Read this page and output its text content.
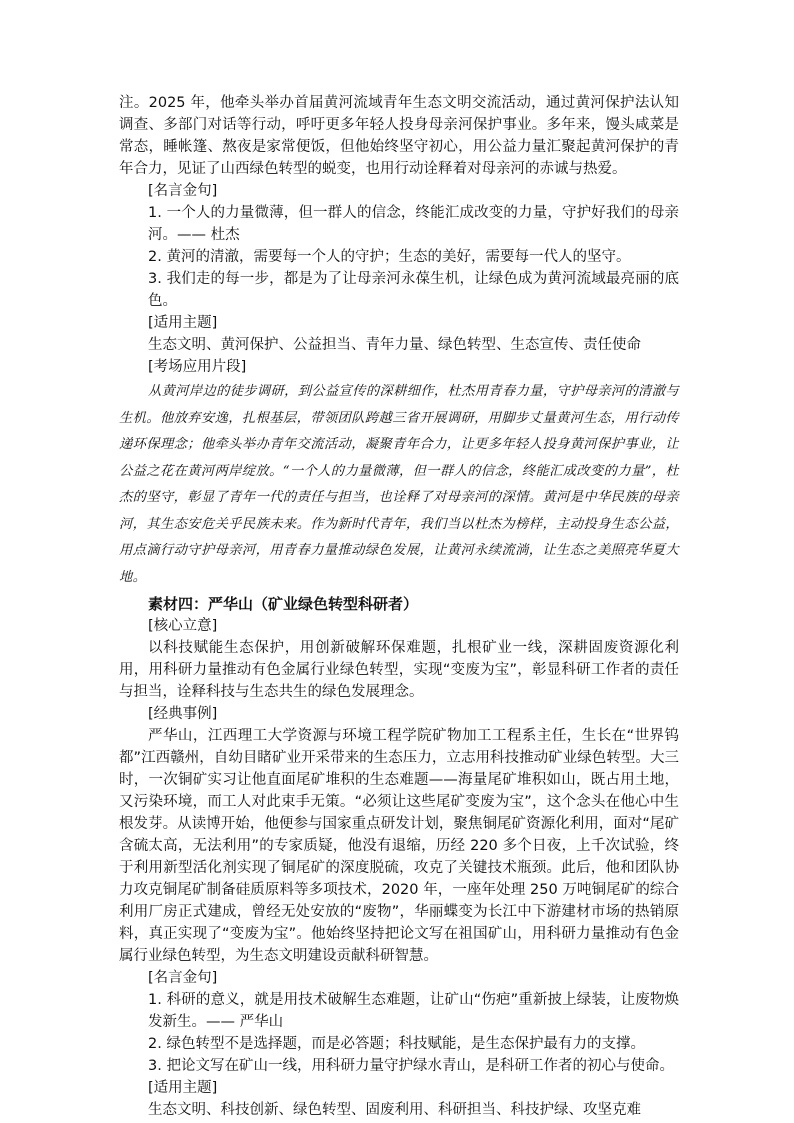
注。2025 年，他牵头举办首届黄河流域青年生态文明交流活动，通过黄河保护法认知调查、多部门对话等行动，呼吁更多年轻人投身母亲河保护事业。多年来，馒头咸菜是常态，睡帐篷、熬夜是家常便饭，但他始终坚守初心，用公益力量汇聚起黄河保护的青年合力，见证了山西绿色转型的蜕变，也用行动诠释着对母亲河的赤诚与热爱。

[名言金句]

1. 一个人的力量微薄，但一群人的信念，终能汇成改变的力量，守护好我们的母亲河。—— 杜杰

2. 黄河的清澈，需要每一个人的守护；生态的美好，需要每一代人的坚守。

3. 我们走的每一步，都是为了让母亲河永葆生机，让绿色成为黄河流域最亮丽的底色。

[适用主题]

生态文明、黄河保护、公益担当、青年力量、绿色转型、生态宣传、责任使命

[考场应用片段]

从黄河岸边的徒步调研，到公益宣传的深耕细作，杜杰用青春力量，守护母亲河的清澈与生机。他放弃安逸，扎根基层，带领团队跨越三省开展调研，用脚步丈量黄河生态，用行动传递环保理念；他牵头举办青年交流活动，凝聚青年合力，让更多年轻人投身黄河保护事业，让公益之花在黄河两岸绽放。“一个人的力量微薄，但一群人的信念，终能汇成改变的力量”，杜杰的坚守，彰显了青年一代的责任与担当，也诠释了对母亲河的深情。黄河是中华民族的母亲河，其生态安危关乎民族未来。作为新时代青年，我们当以杜杰为榜样，主动投身生态公益，用点滴行动守护母亲河，用青春力量推动绿色发展，让黄河永续流淌，让生态之美照亮华夏大地。

素材四：严华山（矿业绿色转型科研者）

[核心立意]

以科技赋能生态保护，用创新破解环保难题，扎根矿业一线，深耕固废资源化利用，用科研力量推动有色金属行业绿色转型，实现“变废为宝”，彰显科研工作者的责任与担当，诠释科技与生态共生的绿色发展理念。

[经典事例]

严华山，江西理工大学资源与环境工程学院矿物加工工程系主任，生长在“世界钨都”江西赣州，自幼目睹矿业开采带来的生态压力，立志用科技推动矿业绿色转型。大三时，一次铜矿实习让他直面尾矿堆积的生态难题——海量尾矿堆积如山，既占用土地，又污染环境，而工人对此束手无策。“必须让这些尾矿变废为宝”，这个念头在他心中生根发芽。从读博开始，他便参与国家重点研发计划，聚焦铜尾矿资源化利用，面对“尾矿含硫太高，无法利用”的专家质疑，他没有退缩，历经 220 多个日夜，上千次试验，终于利用新型活化剂实现了铜尾矿的深度脱硫，攻克了关键技术瓶颈。此后，他和团队协力攻克铜尾矿制备硅质原料等多项技术，2020 年，一座年处理 250 万吨铜尾矿的综合利用厂房正式建成，曾经无处安放的“废物”，华丽蝶变为长江中下游建材市场的热销原料，真正实现了“变废为宝”。他始终坚持把论文写在祖国矿山，用科研力量推动有色金属行业绿色转型，为生态文明建设贡献科研智慧。

[名言金句]

1. 科研的意义，就是用技术破解生态难题，让矿山“伤疤”重新披上绿装，让废物焕发新生。—— 严华山

2. 绿色转型不是选择题，而是必答题；科技赋能，是生态保护最有力的支撑。

3. 把论文写在矿山一线，用科研力量守护绿水青山，是科研工作者的初心与使命。

[适用主题]

生态文明、科技创新、绿色转型、固废利用、科研担当、科技护绿、攻坚克难
